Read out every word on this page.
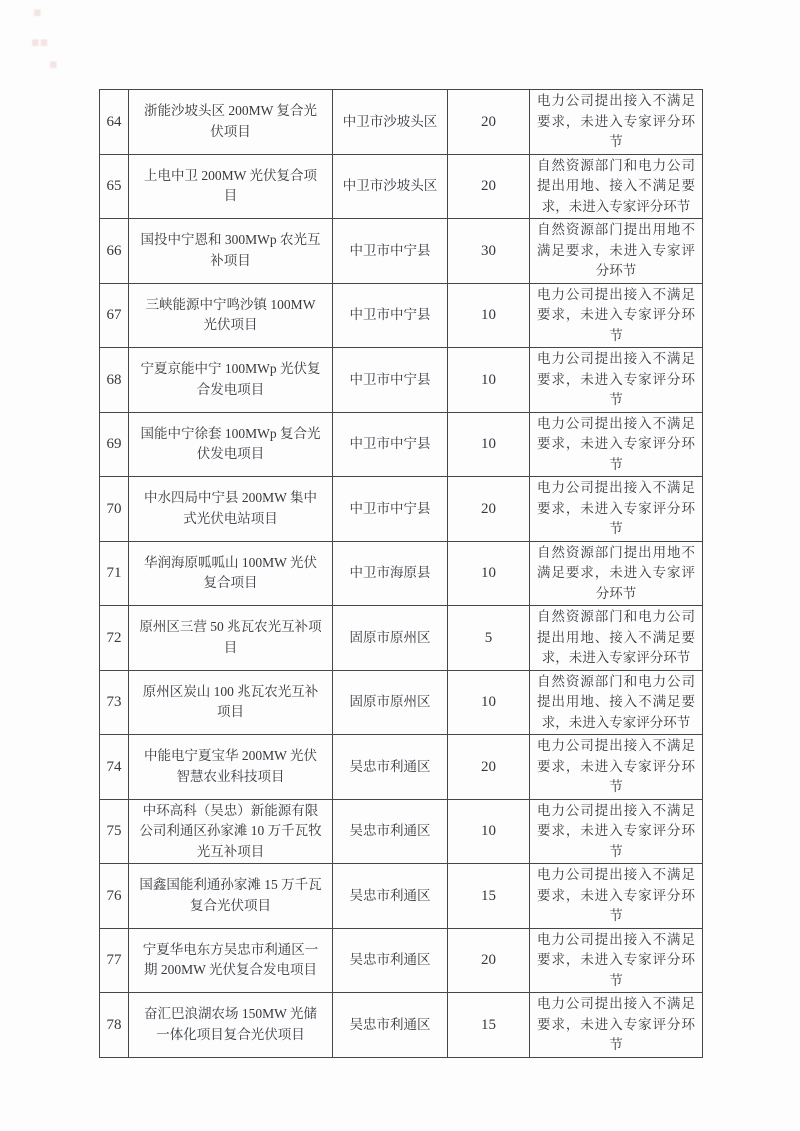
▪
▪▪
▪
64	浙能沙坡头区 200MW 复合光伏项目	中卫市沙坡头区	20	电力公司提出接入不满足要求，未进入专家评分环节
65	上电中卫 200MW 光伏复合项目	中卫市沙坡头区	20	自然资源部门和电力公司提出用地、接入不满足要求，未进入专家评分环节
66	国投中宁恩和 300MWp 农光互补项目	中卫市中宁县	30	自然资源部门提出用地不满足要求，未进入专家评分环节
67	三峡能源中宁鸣沙镇 100MW 光伏项目	中卫市中宁县	10	电力公司提出接入不满足要求，未进入专家评分环节
68	宁夏京能中宁 100MWp 光伏复合发电项目	中卫市中宁县	10	电力公司提出接入不满足要求，未进入专家评分环节
69	国能中宁徐套 100MWp 复合光伏发电项目	中卫市中宁县	10	电力公司提出接入不满足要求，未进入专家评分环节
70	中水四局中宁县 200MW 集中式光伏电站项目	中卫市中宁县	20	电力公司提出接入不满足要求，未进入专家评分环节
71	华润海原呱呱山 100MW 光伏复合项目	中卫市海原县	10	自然资源部门提出用地不满足要求，未进入专家评分环节
72	原州区三营 50 兆瓦农光互补项目	固原市原州区	5	自然资源部门和电力公司提出用地、接入不满足要求，未进入专家评分环节
73	原州区炭山 100 兆瓦农光互补项目	固原市原州区	10	自然资源部门和电力公司提出用地、接入不满足要求，未进入专家评分环节
74	中能电宁夏宝华 200MW 光伏智慧农业科技项目	吴忠市利通区	20	电力公司提出接入不满足要求，未进入专家评分环节
75	中环高科（吴忠）新能源有限公司利通区孙家滩 10 万千瓦牧光互补项目	吴忠市利通区	10	电力公司提出接入不满足要求，未进入专家评分环节
76	国鑫国能利通孙家滩 15 万千瓦复合光伏项目	吴忠市利通区	15	电力公司提出接入不满足要求，未进入专家评分环节
77	宁夏华电东方吴忠市利通区一期 200MW 光伏复合发电项目	吴忠市利通区	20	电力公司提出接入不满足要求，未进入专家评分环节
78	奋汇巴浪湖农场 150MW 光储一体化项目复合光伏项目	吴忠市利通区	15	电力公司提出接入不满足要求，未进入专家评分环节
